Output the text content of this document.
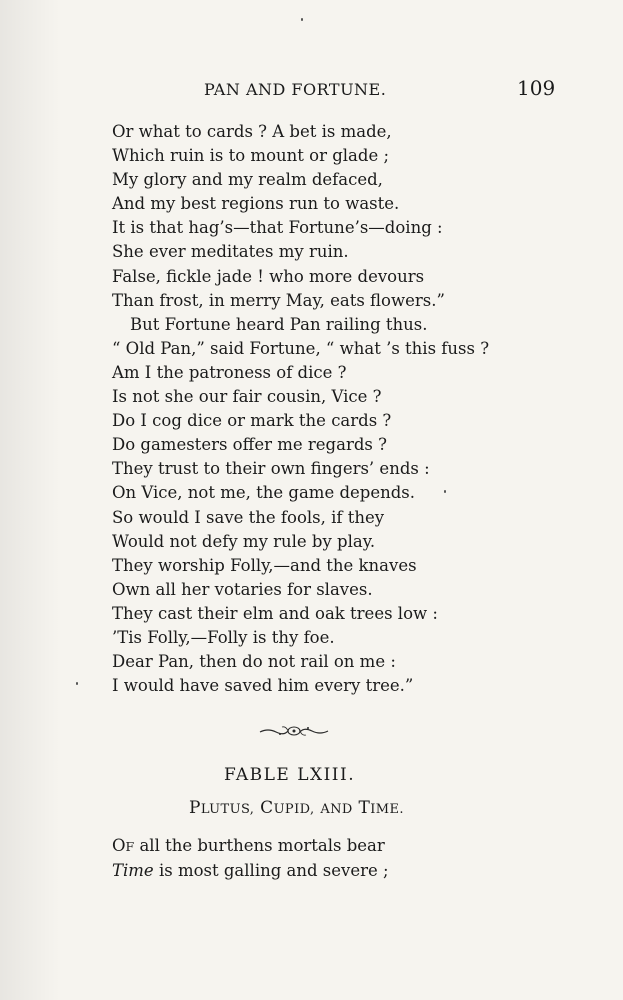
PAN AND FORTUNE.	109
Or what to cards ? A bet is made,
Which ruin is to mount or glade ;
My glory and my realm defaced,
And my best regions run to waste.
It is that hag’s—that Fortune’s—doing :
She ever meditates my ruin.
False, fickle jade ! who more devours
Than frost, in merry May, eats flowers.”
But Fortune heard Pan railing thus.
“ Old Pan,” said Fortune, “ what ’s this fuss ?
Am I the patroness of dice ?
Is not she our fair cousin, Vice ?
Do I cog dice or mark the cards ?
Do gamesters offer me regards ?
They trust to their own fingers’ ends :
On Vice, not me, the game depends.
So would I save the fools, if they
Would not defy my rule by play.
They worship Folly,—and the knaves
Own all her votaries for slaves.
They cast their elm and oak trees low :
’Tis Folly,—Folly is thy foe.
Dear Pan, then do not rail on me :
I would have saved him every tree.”
FABLE LXIII.
PLUTUS, CUPID, AND TIME.
OF all the burthens mortals bear
Time is most galling and severe ;
